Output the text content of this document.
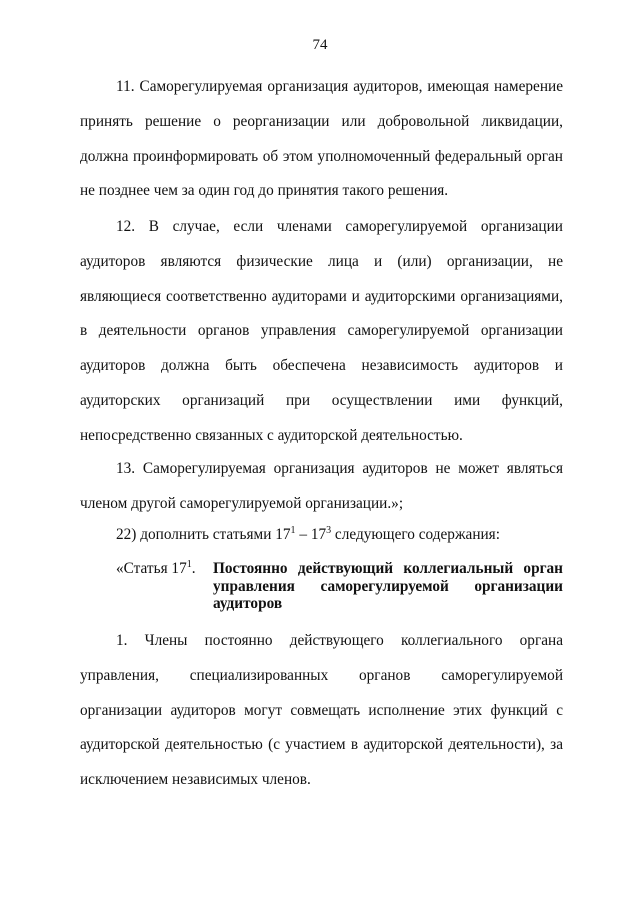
74

11. Саморегулируемая организация аудиторов, имеющая намерение принять решение о реорганизации или добровольной ликвидации, должна проинформировать об этом уполномоченный федеральный орган не позднее чем за один год до принятия такого решения.

12. В случае, если членами саморегулируемой организации аудиторов являются физические лица и (или) организации, не являющиеся соответственно аудиторами и аудиторскими организациями, в деятельности органов управления саморегулируемой организации аудиторов должна быть обеспечена независимость аудиторов и аудиторских организаций при осуществлении ими функций, непосредственно связанных с аудиторской деятельностью.

13. Саморегулируемая организация аудиторов не может являться членом другой саморегулируемой организации.»;

22) дополнить статьями $17^1 - 17^3$ следующего содержания:

«Статья $17^1$. Постоянно действующий коллегиальный орган управления саморегулируемой организации аудиторов

1. Члены постоянно действующего коллегиального органа управления, специализированных органов саморегулируемой организации аудиторов могут совмещать исполнение этих функций с аудиторской деятельностью (с участием в аудиторской деятельности), за исключением независимых членов.
